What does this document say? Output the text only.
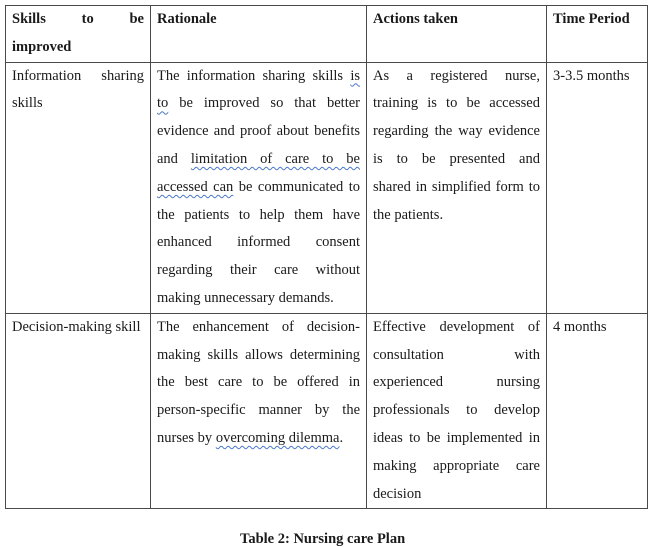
Skills to be
improved	Rationale	Actions taken	Time Period
Information sharing skills	The information sharing skills is to be improved so that better evidence and proof about benefits and limitation of care to be accessed can be communicated to the patients to help them have enhanced informed consent regarding their care without making unnecessary demands.	As a registered nurse, training is to be accessed regarding the way evidence is to be presented and shared in simplified form to the patients.	3-3.5 months
Decision-making skill	The enhancement of decision-making skills allows determining the best care to be offered in person-specific manner by the nurses by overcoming dilemma.	Effective development of consultation with experienced nursing professionals to develop ideas to be implemented in making appropriate care decision	4 months
Table 2: Nursing care Plan
